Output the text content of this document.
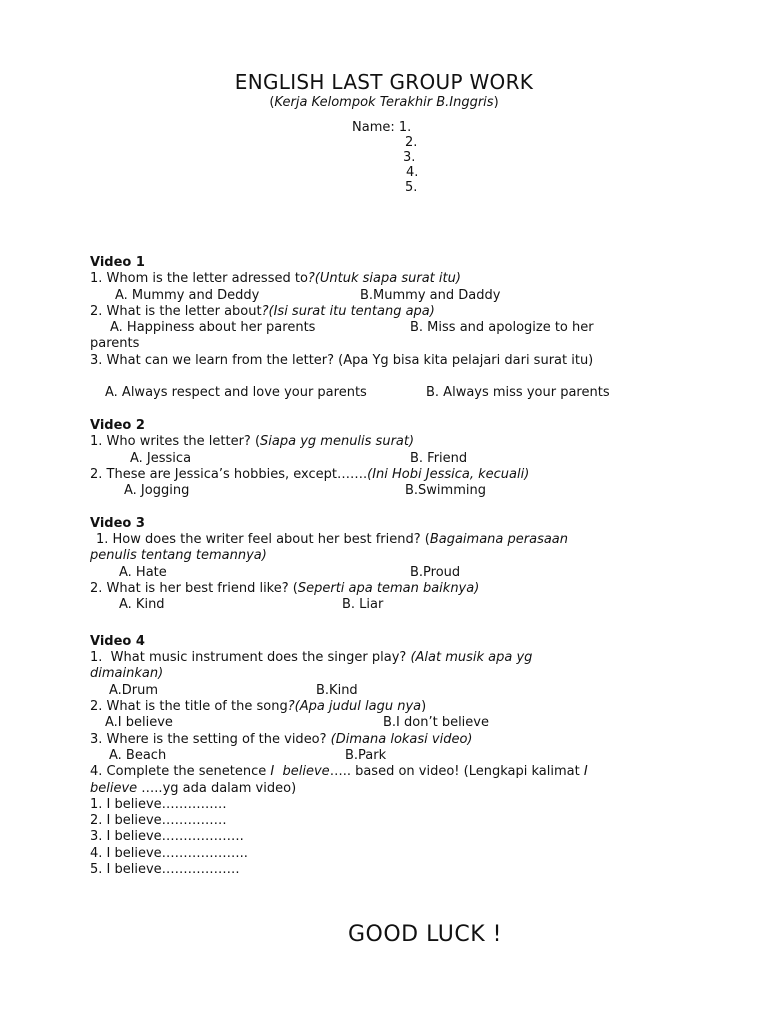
ENGLISH LAST GROUP WORK
(Kerja Kelompok Terakhir B.Inggris)
Name: 1.
2.
3.
4.
5.
Video 1
1. Whom is the letter adressed to?(Untuk siapa surat itu)
A. Mummy and Deddy	B.Mummy and Daddy
2. What is the letter about?(Isi surat itu tentang apa)
A. Happiness about her parents	B. Miss and apologize to her
parents
3. What can we learn from the letter? (Apa Yg bisa kita pelajari dari surat itu)
A. Always respect and love your parents	B. Always miss your parents
Video 2
1. Who writes the letter? (Siapa yg menulis surat)
A. Jessica	B. Friend
2. These are Jessica’s hobbies, except…….(Ini Hobi Jessica, kecuali)
A. Jogging	B.Swimming
Video 3
1. How does the writer feel about her best friend? (Bagaimana perasaan
penulis tentang temannya)
A. Hate	B.Proud
2. What is her best friend like? (Seperti apa teman baiknya)
A. Kind	B. Liar
Video 4
1.  What music instrument does the singer play? (Alat musik apa yg
dimainkan)
A.Drum	B.Kind
2. What is the title of the song?(Apa judul lagu nya)
A.I believe	B.I don’t believe
3. Where is the setting of the video? (Dimana lokasi video)
A. Beach	B.Park
4. Complete the senetence I  believe….. based on video! (Lengkapi kalimat I
believe …..yg ada dalam video)
1. I believe……………
2. I believe……………
3. I believe……………….
4. I believe………………..
5. I believe………………
GOOD LUCK !
